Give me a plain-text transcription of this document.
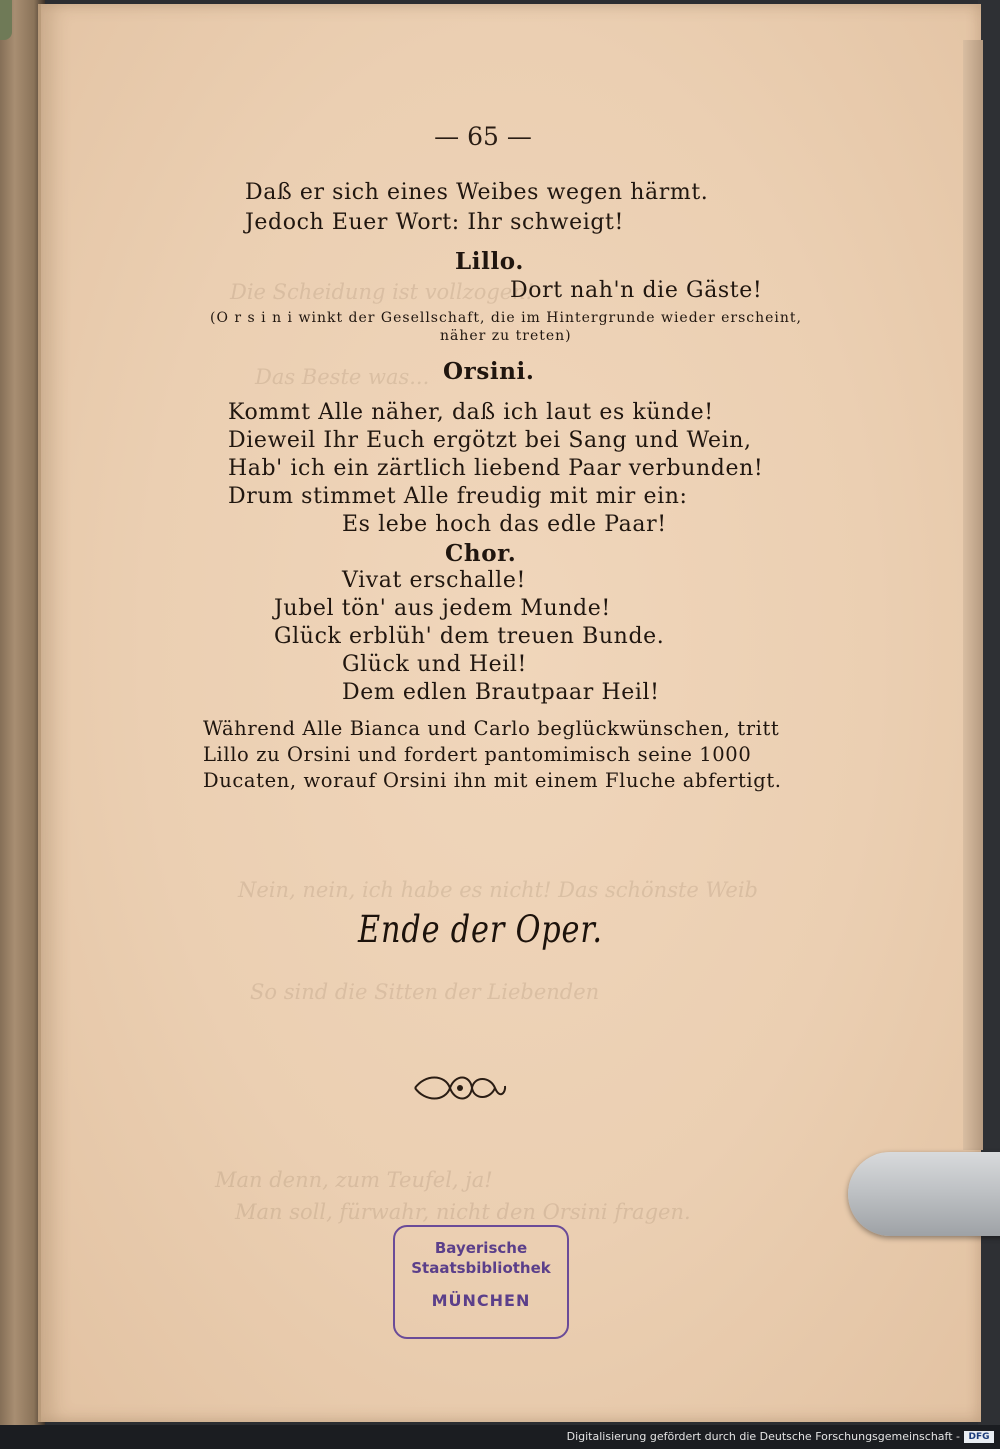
Die Scheidung ist vollzogen!
Das Beste was...
Nein, nein, ich habe es nicht! Das schönste Weib
So sind die Sitten der Liebenden
Man denn, zum Teufel, ja!
Man soll, fürwahr, nicht den Orsini fragen.
— 65 —
Daß er sich eines Weibes wegen härmt.
Jedoch Euer Wort: Ihr schweigt!
Lillo.
Dort nah'n die Gäste!
(O r s i n i winkt der Gesellschaft, die im Hintergrunde wieder erscheint,
näher zu treten)
Orsini.
Kommt Alle näher, daß ich laut es künde!
Dieweil Ihr Euch ergötzt bei Sang und Wein,
Hab' ich ein zärtlich liebend Paar verbunden!
Drum stimmet Alle freudig mit mir ein:
Es lebe hoch das edle Paar!
Chor.
Vivat erschalle!
Jubel tön' aus jedem Munde!
Glück erblüh' dem treuen Bunde.
Glück und Heil!
Dem edlen Brautpaar Heil!
Während Alle Bianca und Carlo beglückwünschen, tritt
Lillo zu Orsini und fordert pantomimisch seine 1000
Ducaten, worauf Orsini ihn mit einem Fluche abfertigt.
Ende der Oper.
Bayerische
Staatsbibliothek
MÜNCHEN
Digitalisierung gefördert durch die Deutsche Forschungsgemeinschaft - DFG
